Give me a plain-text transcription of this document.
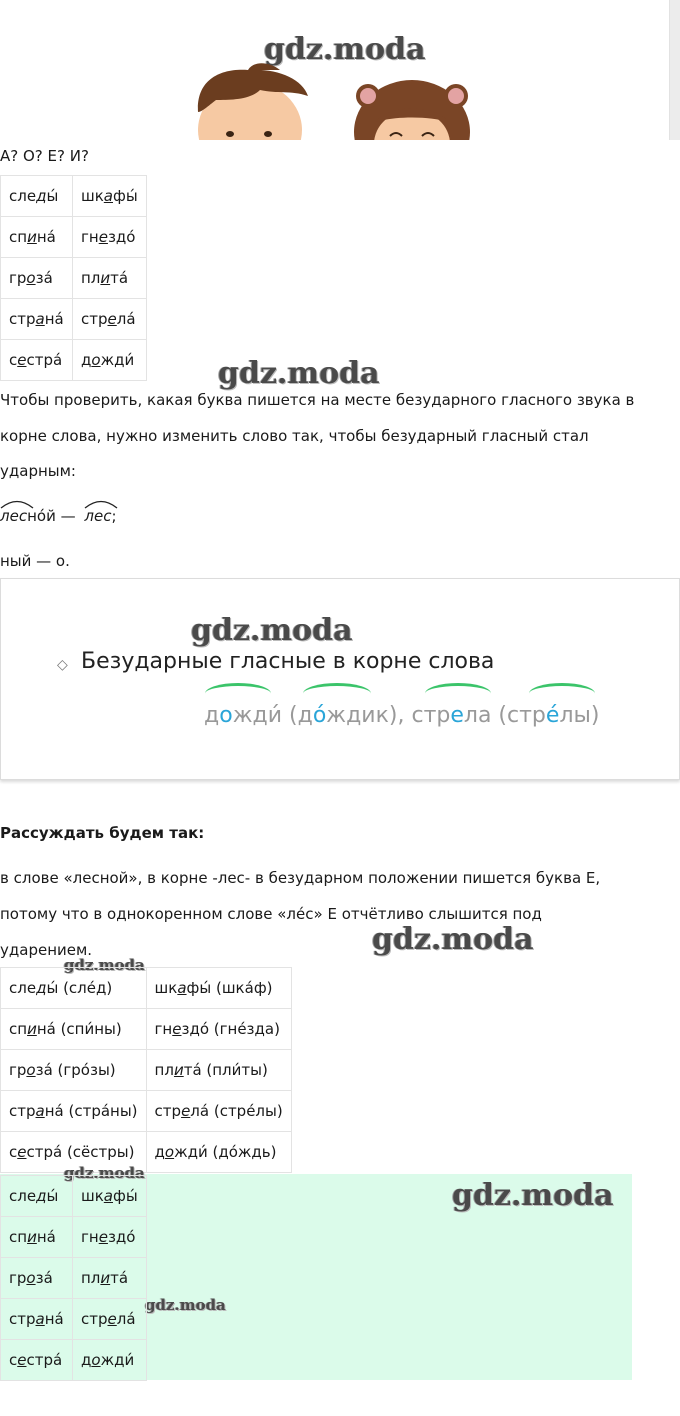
gdz.moda
А? О? Е? И?
следы́	шкафы́
спина́	гнездо́
гроза́	плита́
страна́	стрела́
сестра́	дожди́	gdz.moda
Чтобы проверить, какая буква пишется на месте безударного гласного звука в
корне слова, нужно изменить слово так, чтобы безударный гласный стал
ударным:
лесно́й — лес;
ный — о.
gdz.moda
◇ Безударные гласные в корне слова
дожди́ (до́ждик), стрела (стре́лы)
Рассуждать будем так:
в слове «лесной», в корне -лес- в безударном положении пишется буква Е,
потому что в однокоренном слове «ле́с» Е отчётливо слышится под
ударением.	gdz.moda
gdz.moda
следы́ (сле́д)	шкафы́ (шка́ф)
спина́ (спи́ны)	гнездо́ (гне́зда)
гроза́ (гро́зы)	плита́ (пли́ты)
страна́ (стра́ны)	стрела́ (стре́лы)
сестра́ (сёстры)	дожди́ (до́ждь)
gdz.moda
gdz.moda
gdz.moda
следы́	шкафы́
спина́	гнездо́
гроза́	плита́
страна́	стрела́
сестра́	дожди́
